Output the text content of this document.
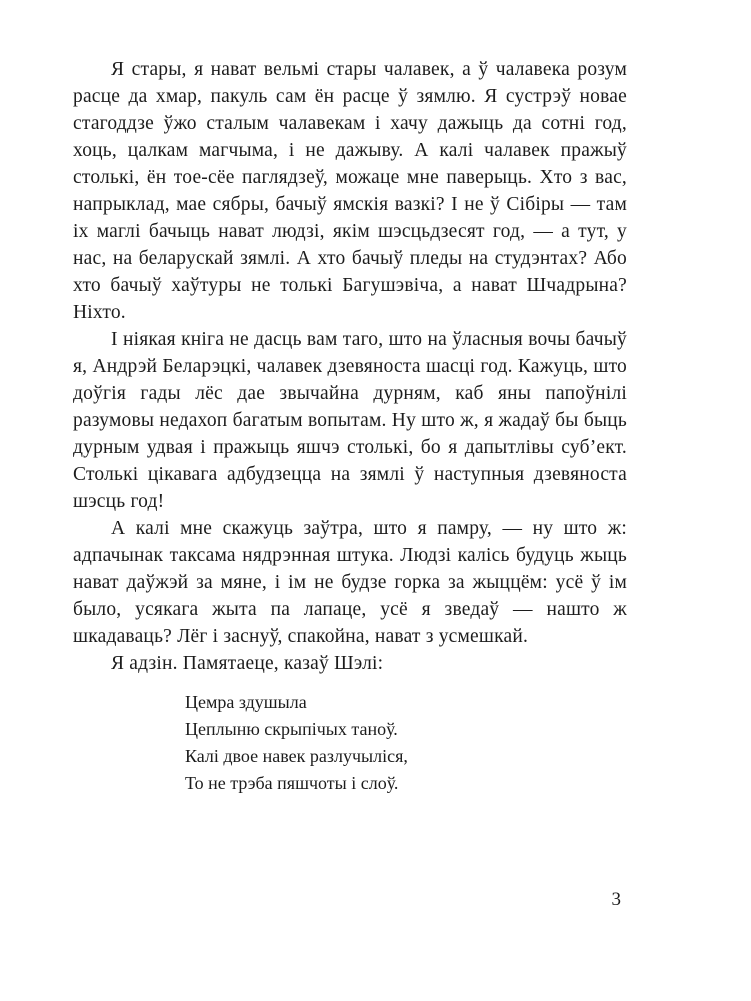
Я стары, я нават вельмі стары чалавек, а ў чалавека розум расце да хмар, пакуль сам ён расце ў зямлю. Я сустрэў новае стагоддзе ўжо сталым чалавекам і хачу дажыць да сотні год, хоць, цалкам магчыма, і не дажыву. А калі чалавек пражыў столькі, ён тое-сёе паглядзеў, можаце мне паверыць. Хто з вас, напрыклад, мае сябры, бачыў ямскія вазкі? І не ў Сібіры — там іх маглі бачыць нават людзі, якім шэсцьдзесят год, — а тут, у нас, на беларускай зямлі. А хто бачыў пледы на студэнтах? Або хто бачыў хаўтуры не толькі Багушэвіча, а нават Шчадрына? Ніхто.

І ніякая кніга не дасць вам таго, што на ўласныя вочы бачыў я, Андрэй Беларэцкі, чалавек дзевяноста шасці год. Кажуць, што доўгія гады лёс дае звычайна дурням, каб яны папоўнілі разумовы недахоп багатым вопытам. Ну што ж, я жадаў бы быць дурным удвая і пражыць яшчэ столькі, бо я дапытлівы суб’ект. Столькі цікавага адбудзецца на зямлі ў наступныя дзевяноста шэсць год!

А калі мне скажуць заўтра, што я памру, — ну што ж: адпачынак таксама нядрэнная штука. Людзі калісь будуць жыць нават даўжэй за мяне, і ім не будзе горка за жыццём: усё ў ім было, усякага жыта па лапаце, усё я зведаў — нашто ж шкадаваць? Лёг і заснуў, спакойна, нават з усмешкай.

Я адзін. Памятаеце, казаў Шэлі:

Цемра здушыла
Цеплыню скрыпічых таноў.
Калі двое навек разлучыліся,
То не трэба пяшчоты і слоў.
3
